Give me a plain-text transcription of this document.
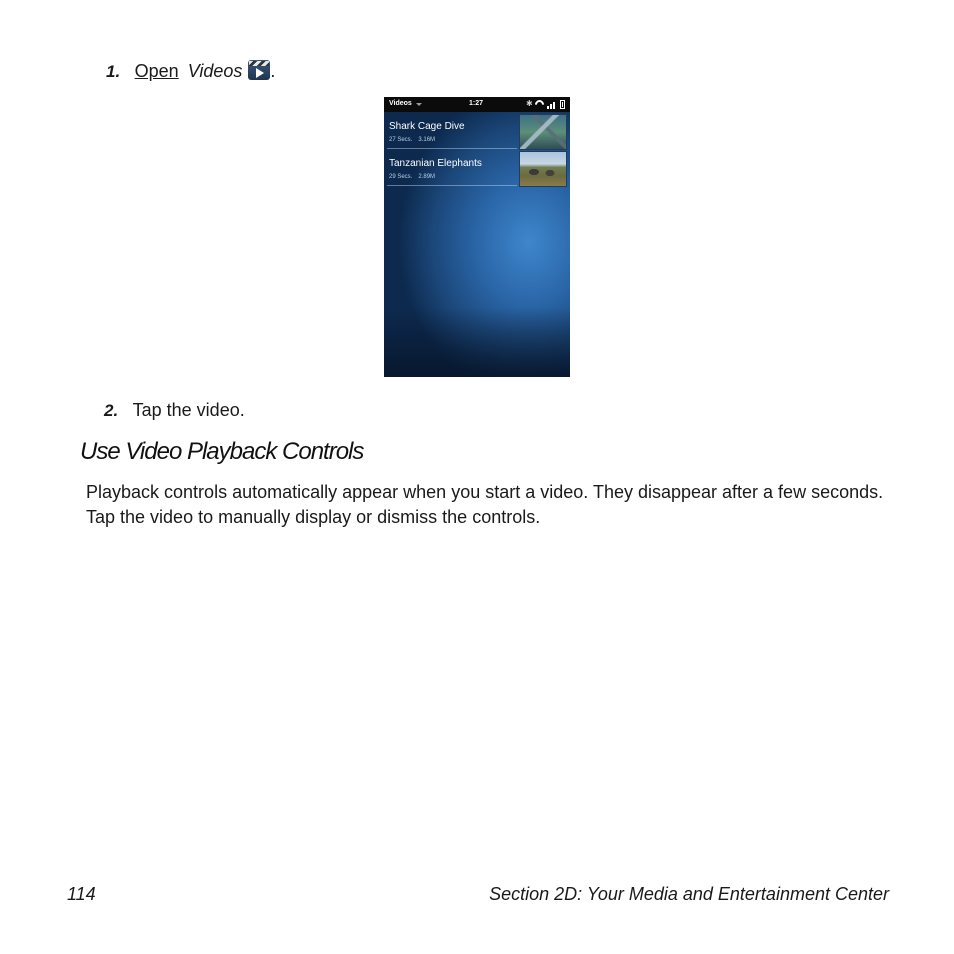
1. Open Videos .
Videos	1:27	✱
Shark Cage Dive
27 Secs. 3.16M
Tanzanian Elephants
29 Secs. 2.89M
2. Tap the video.
Use Video Playback Controls
Playback controls automatically appear when you start a video. They disappear after a few seconds. Tap the video to manually display or dismiss the controls.
114	Section 2D: Your Media and Entertainment Center
